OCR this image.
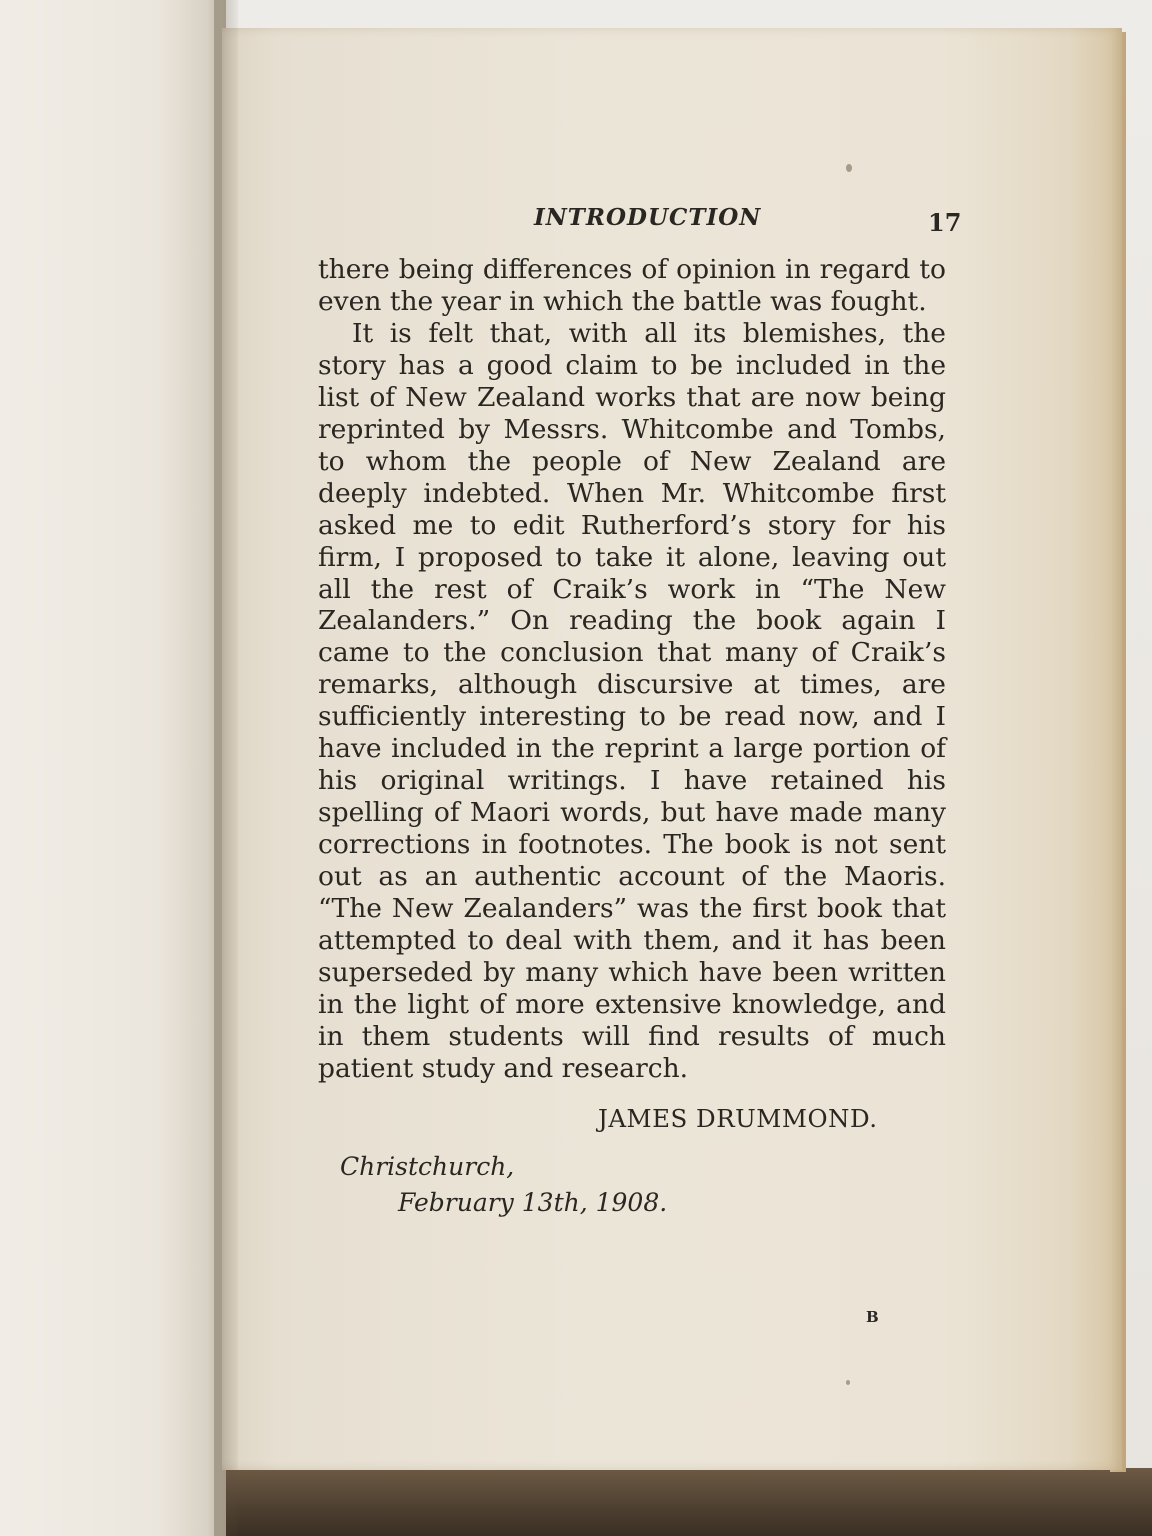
INTRODUCTION	17

there being differences of opinion in regard to even the year in which the battle was fought.

It is felt that, with all its blemishes, the story has a good claim to be included in the list of New Zealand works that are now being reprinted by Messrs. Whitcombe and Tombs, to whom the people of New Zealand are deeply indebted. When Mr. Whitcombe first asked me to edit Rutherford’s story for his firm, I proposed to take it alone, leaving out all the rest of Craik’s work in “The New Zealanders.” On reading the book again I came to the conclusion that many of Craik’s remarks, although discursive at times, are sufficiently interesting to be read now, and I have included in the reprint a large portion of his original writings. I have retained his spelling of Maori words, but have made many corrections in footnotes. The book is not sent out as an authentic account of the Maoris. “The New Zealanders” was the first book that attempted to deal with them, and it has been superseded by many which have been written in the light of more extensive knowledge, and in them students will find results of much patient study and research.

JAMES DRUMMOND.
Christchurch,
February 13th, 1908.
B
